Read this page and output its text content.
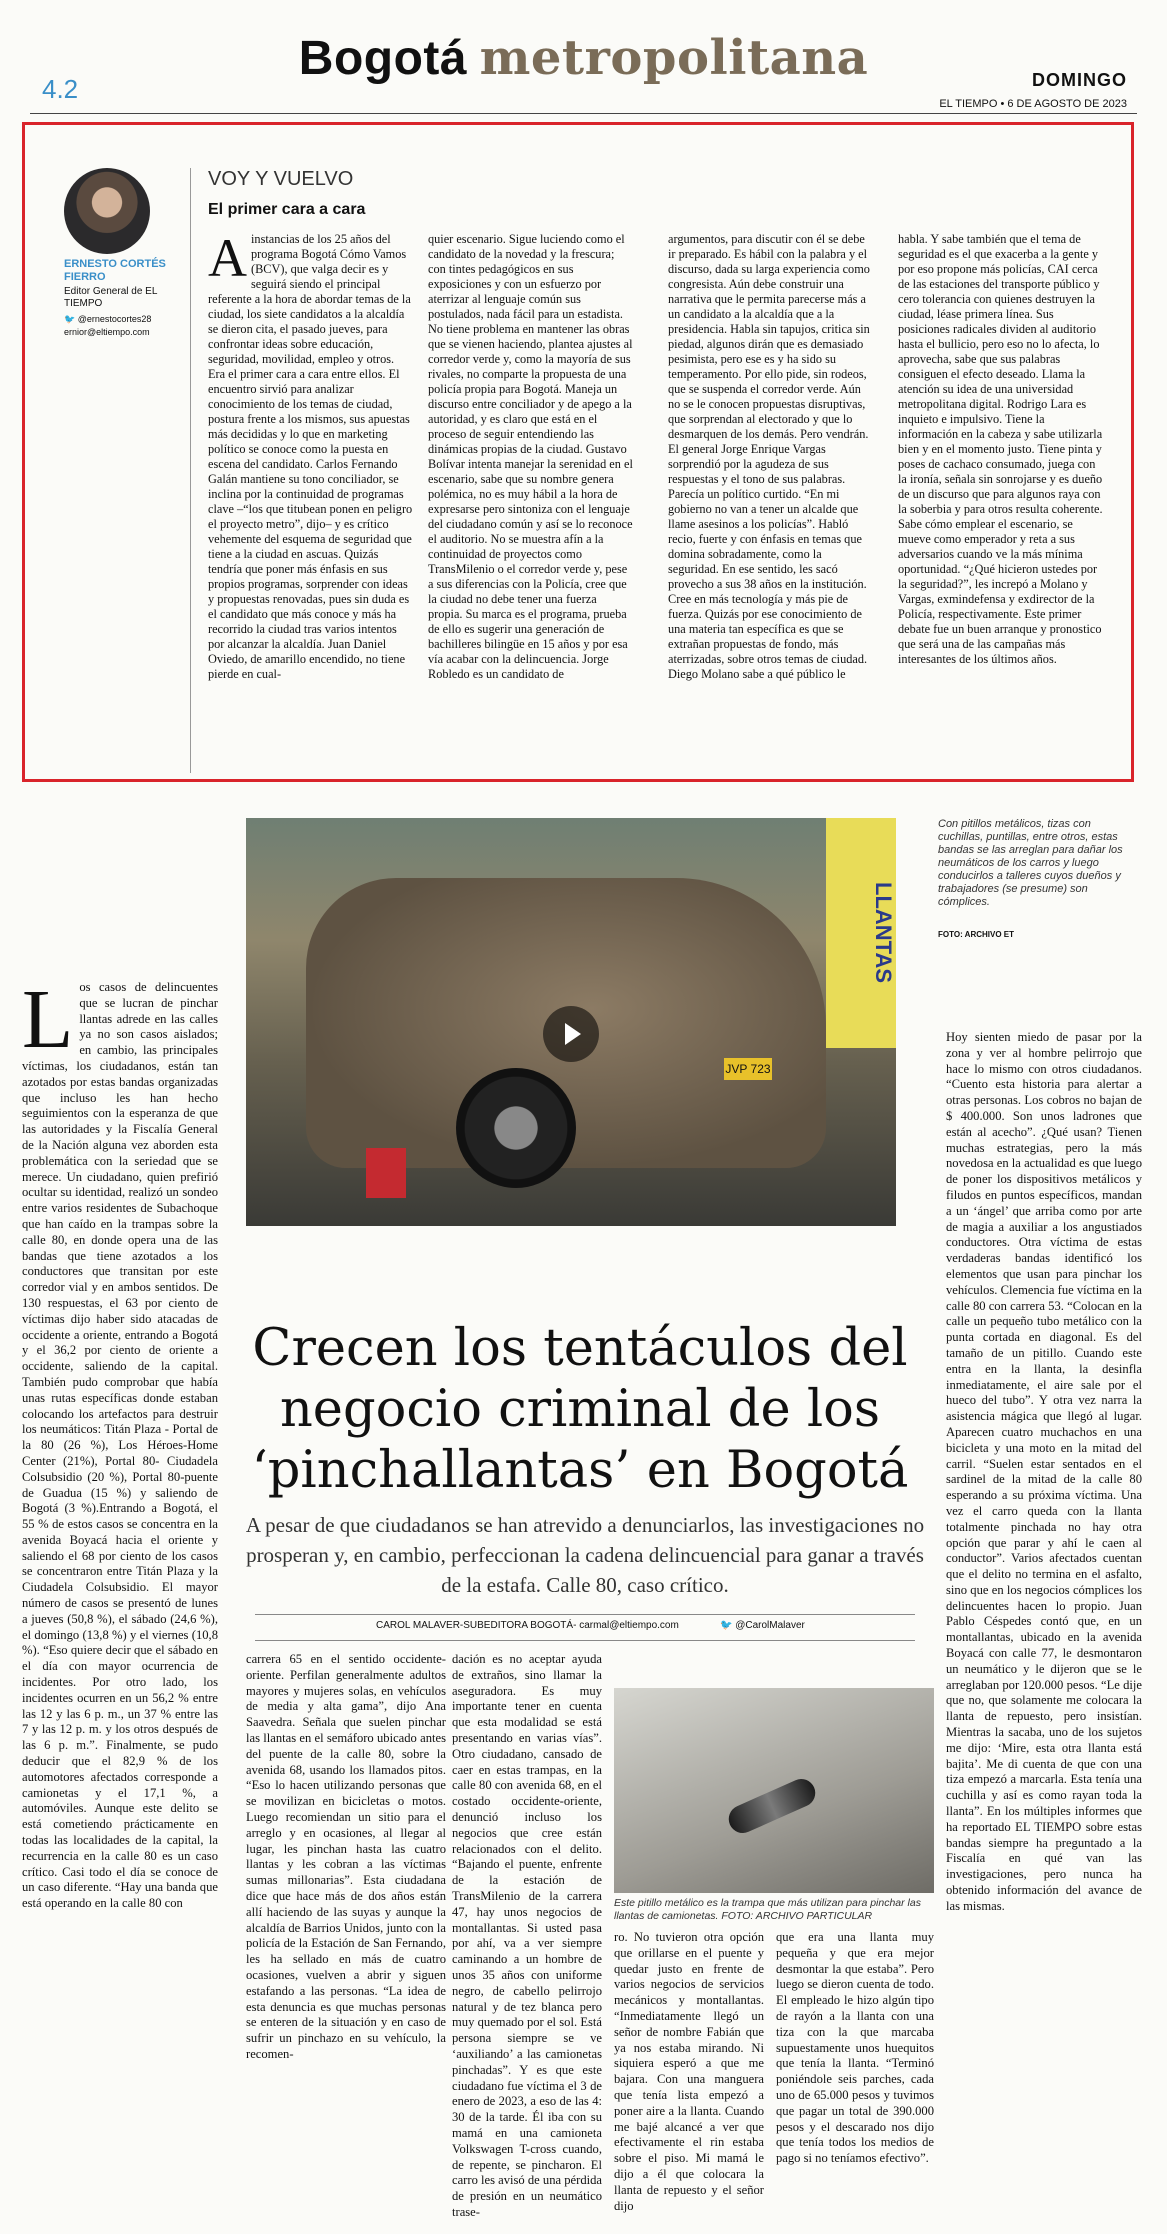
4.2
Bogotá metropolitana	DOMINGO
EL TIEMPO • 6 DE AGOSTO DE 2023
ERNESTO CORTÉS FIERRO
Editor General de EL TIEMPO
🐦 @ernestocortes28
ernior@eltiempo.com
VOY Y VUELVO
El primer cara a cara
Ainstancias de los 25 años del programa Bogotá Cómo Vamos (BCV), que valga decir es y seguirá siendo el principal referente a la hora de abordar temas de la ciudad, los siete candidatos a la alcaldía se dieron cita, el pasado jueves, para confrontar ideas sobre educación, seguridad, movilidad, empleo y otros. Era el primer cara a cara entre ellos. El encuentro sirvió para analizar conocimiento de los temas de ciudad, postura frente a los mismos, sus apuestas más decididas y lo que en marketing político se conoce como la puesta en escena del candidato. Carlos Fernando Galán mantiene su tono conciliador, se inclina por la continuidad de programas clave –“los que titubean ponen en peligro el proyecto metro”, dijo– y es crítico vehemente del esquema de seguridad que tiene a la ciudad en ascuas. Quizás tendría que poner más énfasis en sus propios programas, sorprender con ideas y propuestas renovadas, pues sin duda es el candidato que más conoce y más ha recorrido la ciudad tras varios intentos por alcanzar la alcaldía. Juan Daniel Oviedo, de amarillo encendido, no tiene pierde en cual-
quier escenario. Sigue luciendo como el candidato de la novedad y la frescura; con tintes pedagógicos en sus exposiciones y con un esfuerzo por aterrizar al lenguaje común sus postulados, nada fácil para un estadista. No tiene problema en mantener las obras que se vienen haciendo, plantea ajustes al corredor verde y, como la mayoría de sus rivales, no comparte la propuesta de una policía propia para Bogotá. Maneja un discurso entre conciliador y de apego a la autoridad, y es claro que está en el proceso de seguir entendiendo las dinámicas propias de la ciudad. Gustavo Bolívar intenta manejar la serenidad en el escenario, sabe que su nombre genera polémica, no es muy hábil a la hora de expresarse pero sintoniza con el lenguaje del ciudadano común y así se lo reconoce el auditorio. No se muestra afín a la continuidad de proyectos como TransMilenio o el corredor verde y, pese a sus diferencias con la Policía, cree que la ciudad no debe tener una fuerza propia. Su marca es el programa, prueba de ello es sugerir una generación de bachilleres bilingüe en 15 años y por esa vía acabar con la delincuencia. Jorge Robledo es un candidato de
argumentos, para discutir con él se debe ir preparado. Es hábil con la palabra y el discurso, dada su larga experiencia como congresista. Aún debe construir una narrativa que le permita parecerse más a un candidato a la alcaldía que a la presidencia. Habla sin tapujos, critica sin piedad, algunos dirán que es demasiado pesimista, pero ese es y ha sido su temperamento. Por ello pide, sin rodeos, que se suspenda el corredor verde. Aún no se le conocen propuestas disruptivas, que sorprendan al electorado y que lo desmarquen de los demás. Pero vendrán. El general Jorge Enrique Vargas sorprendió por la agudeza de sus respuestas y el tono de sus palabras. Parecía un político curtido. “En mi gobierno no van a tener un alcalde que llame asesinos a los policías”. Habló recio, fuerte y con énfasis en temas que domina sobradamente, como la seguridad. En ese sentido, les sacó provecho a sus 38 años en la institución. Cree en más tecnología y más pie de fuerza. Quizás por ese conocimiento de una materia tan específica es que se extrañan propuestas de fondo, más aterrizadas, sobre otros temas de ciudad. Diego Molano sabe a qué público le
habla. Y sabe también que el tema de seguridad es el que exacerba a la gente y por eso propone más policías, CAI cerca de las estaciones del transporte público y cero tolerancia con quienes destruyen la ciudad, léase primera línea. Sus posiciones radicales dividen al auditorio hasta el bullicio, pero eso no lo afecta, lo aprovecha, sabe que sus palabras consiguen el efecto deseado. Llama la atención su idea de una universidad metropolitana digital. Rodrigo Lara es inquieto e impulsivo. Tiene la información en la cabeza y sabe utilizarla bien y en el momento justo. Tiene pinta y poses de cachaco consumado, juega con la ironía, señala sin sonrojarse y es dueño de un discurso que para algunos raya con la soberbia y para otros resulta coherente. Sabe cómo emplear el escenario, se mueve como emperador y reta a sus adversarios cuando ve la más mínima oportunidad. “¿Qué hicieron ustedes por la seguridad?”, les increpó a Molano y Vargas, exmindefensa y exdirector de la Policía, respectivamente. Este primer debate fue un buen arranque y pronostico que será una de las campañas más interesantes de los últimos años.
JVP 723
LLANTAS
Con pitillos metálicos, tizas con cuchillas, puntillas, entre otros, estas bandas se las arreglan para dañar los neumáticos de los carros y luego conducirlos a talleres cuyos dueños y trabajadores (se presume) son cómplices.
FOTO: ARCHIVO ET
Crecen los tentáculos del negocio criminal de los ‘pinchallantas’ en Bogotá
A pesar de que ciudadanos se han atrevido a denunciarlos, las investigaciones no prosperan y, en cambio, perfeccionan la cadena delincuencial para ganar a través de la estafa. Calle 80, caso crítico.
CAROL MALAVER-SUBEDITORA BOGOTÁ- carmal@eltiempo.com	🐦 @CarolMalaver
Los casos de delincuentes que se lucran de pinchar llantas adrede en las calles ya no son casos aislados; en cambio, las principales víctimas, los ciudadanos, están tan azotados por estas bandas organizadas que incluso les han hecho seguimientos con la esperanza de que las autoridades y la Fiscalía General de la Nación alguna vez aborden esta problemática con la seriedad que se merece. Un ciudadano, quien prefirió ocultar su identidad, realizó un sondeo entre varios residentes de Subachoque que han caído en la trampas sobre la calle 80, en donde opera una de las bandas que tiene azotados a los conductores que transitan por este corredor vial y en ambos sentidos. De 130 respuestas, el 63 por ciento de víctimas dijo haber sido atacadas de occidente a oriente, entrando a Bogotá y el 36,2 por ciento de oriente a occidente, saliendo de la capital. También pudo comprobar que había unas rutas específicas donde estaban colocando los artefactos para destruir los neumáticos: Titán Plaza - Portal de la 80 (26 %), Los Héroes-Home Center (21%), Portal 80- Ciudadela Colsubsidio (20 %), Portal 80-puente de Guadua (15 %) y saliendo de Bogotá (3 %).Entrando a Bogotá, el 55 % de estos casos se concentra en la avenida Boyacá hacia el oriente y saliendo el 68 por ciento de los casos se concentraron entre Titán Plaza y la Ciudadela Colsubsidio. El mayor número de casos se presentó de lunes a jueves (50,8 %), el sábado (24,6 %), el domingo (13,8 %) y el viernes (10,8 %). “Eso quiere decir que el sábado en el día con mayor ocurrencia de incidentes. Por otro lado, los incidentes ocurren en un 56,2 % entre las 12 y las 6 p. m., un 37 % entre las 7 y las 12 p. m. y los otros después de las 6 p. m.”. Finalmente, se pudo deducir que el 82,9 % de los automotores afectados corresponde a camionetas y el 17,1 %, a automóviles. Aunque este delito se está cometiendo prácticamente en todas las localidades de la capital, la recurrencia en la calle 80 es un caso crítico. Casi todo el día se conoce de un caso diferente. “Hay una banda que está operando en la calle 80 con
carrera 65 en el sentido occidente-oriente. Perfilan generalmente adultos mayores y mujeres solas, en vehículos de media y alta gama”, dijo Ana Saavedra. Señala que suelen pinchar las llantas en el semáforo ubicado antes del puente de la calle 80, sobre la avenida 68, usando los llamados pitos. “Eso lo hacen utilizando personas que se movilizan en bicicletas o motos. Luego recomiendan un sitio para el arreglo y en ocasiones, al llegar al lugar, les pinchan hasta las cuatro llantas y les cobran a las víctimas sumas millonarias”. Esta ciudadana dice que hace más de dos años están allí haciendo de las suyas y aunque la alcaldía de Barrios Unidos, junto con la policía de la Estación de San Fernando, les ha sellado en más de cuatro ocasiones, vuelven a abrir y siguen estafando a las personas. “La idea de esta denuncia es que muchas personas se enteren de la situación y en caso de sufrir un pinchazo en su vehículo, la recomen-
dación es no aceptar ayuda de extraños, sino llamar la aseguradora. Es muy importante tener en cuenta que esta modalidad se está presentando en varias vías”. Otro ciudadano, cansado de caer en estas trampas, en la calle 80 con avenida 68, en el costado occidente-oriente, denunció incluso los negocios que cree están relacionados con el delito. “Bajando el puente, enfrente de la estación de TransMilenio de la carrera 47, hay unos negocios de montallantas. Si usted pasa por ahí, va a ver siempre caminando a un hombre de unos 35 años con uniforme negro, de cabello pelirrojo natural y de tez blanca pero muy quemado por el sol. Está persona siempre se ve ‘auxiliando’ a las camionetas pinchadas”. Y es que este ciudadano fue víctima el 3 de enero de 2023, a eso de las 4: 30 de la tarde. Él iba con su mamá en una camioneta Volkswagen T-cross cuando, de repente, se pincharon. El carro les avisó de una pérdida de presión en un neumático trase-
Este pitillo metálico es la trampa que más utilizan para pinchar las llantas de camionetas. FOTO: ARCHIVO PARTICULAR
ro. No tuvieron otra opción que orillarse en el puente y quedar justo en frente de varios negocios de servicios mecánicos y montallantas. “Inmediatamente llegó un señor de nombre Fabián que ya nos estaba mirando. Ni siquiera esperó a que me bajara. Con una manguera que tenía lista empezó a poner aire a la llanta. Cuando me bajé alcancé a ver que efectivamente el rin estaba sobre el piso. Mi mamá le dijo a él que colocara la llanta de repuesto y el señor dijo
que era una llanta muy pequeña y que era mejor desmontar la que estaba”. Pero luego se dieron cuenta de todo. El empleado le hizo algún tipo de rayón a la llanta con una tiza con la que marcaba supuestamente unos huequitos que tenía la llanta. “Terminó poniéndole seis parches, cada uno de 65.000 pesos y tuvimos que pagar un total de 390.000 pesos y el descarado nos dijo que tenía todos los medios de pago si no teníamos efectivo”.
Hoy sienten miedo de pasar por la zona y ver al hombre pelirrojo que hace lo mismo con otros ciudadanos. “Cuento esta historia para alertar a otras personas. Los cobros no bajan de $ 400.000. Son unos ladrones que están al acecho”. ¿Qué usan? Tienen muchas estrategias, pero la más novedosa en la actualidad es que luego de poner los dispositivos metálicos y filudos en puntos específicos, mandan a un ‘ángel’ que arriba como por arte de magia a auxiliar a los angustiados conductores. Otra víctima de estas verdaderas bandas identificó los elementos que usan para pinchar los vehículos. Clemencia fue víctima en la calle 80 con carrera 53. “Colocan en la calle un pequeño tubo metálico con la punta cortada en diagonal. Es del tamaño de un pitillo. Cuando este entra en la llanta, la desinfla inmediatamente, el aire sale por el hueco del tubo”. Y otra vez narra la asistencia mágica que llegó al lugar. Aparecen cuatro muchachos en una bicicleta y una moto en la mitad del carril. “Suelen estar sentados en el sardinel de la mitad de la calle 80 esperando a su próxima víctima. Una vez el carro queda con la llanta totalmente pinchada no hay otra opción que parar y ahí le caen al conductor”. Varios afectados cuentan que el delito no termina en el asfalto, sino que en los negocios cómplices los delincuentes hacen lo propio. Juan Pablo Céspedes contó que, en un montallantas, ubicado en la avenida Boyacá con calle 77, le desmontaron un neumático y le dijeron que se le arreglaban por 120.000 pesos. “Le dije que no, que solamente me colocara la llanta de repuesto, pero insistían. Mientras la sacaba, uno de los sujetos me dijo: ‘Mire, esta otra llanta está bajita’. Me di cuenta de que con una tiza empezó a marcarla. Esta tenía una cuchilla y así es como rayan toda la llanta”. En los múltiples informes que ha reportado EL TIEMPO sobre estas bandas siempre ha preguntado a la Fiscalía en qué van las investigaciones, pero nunca ha obtenido información del avance de las mismas.
